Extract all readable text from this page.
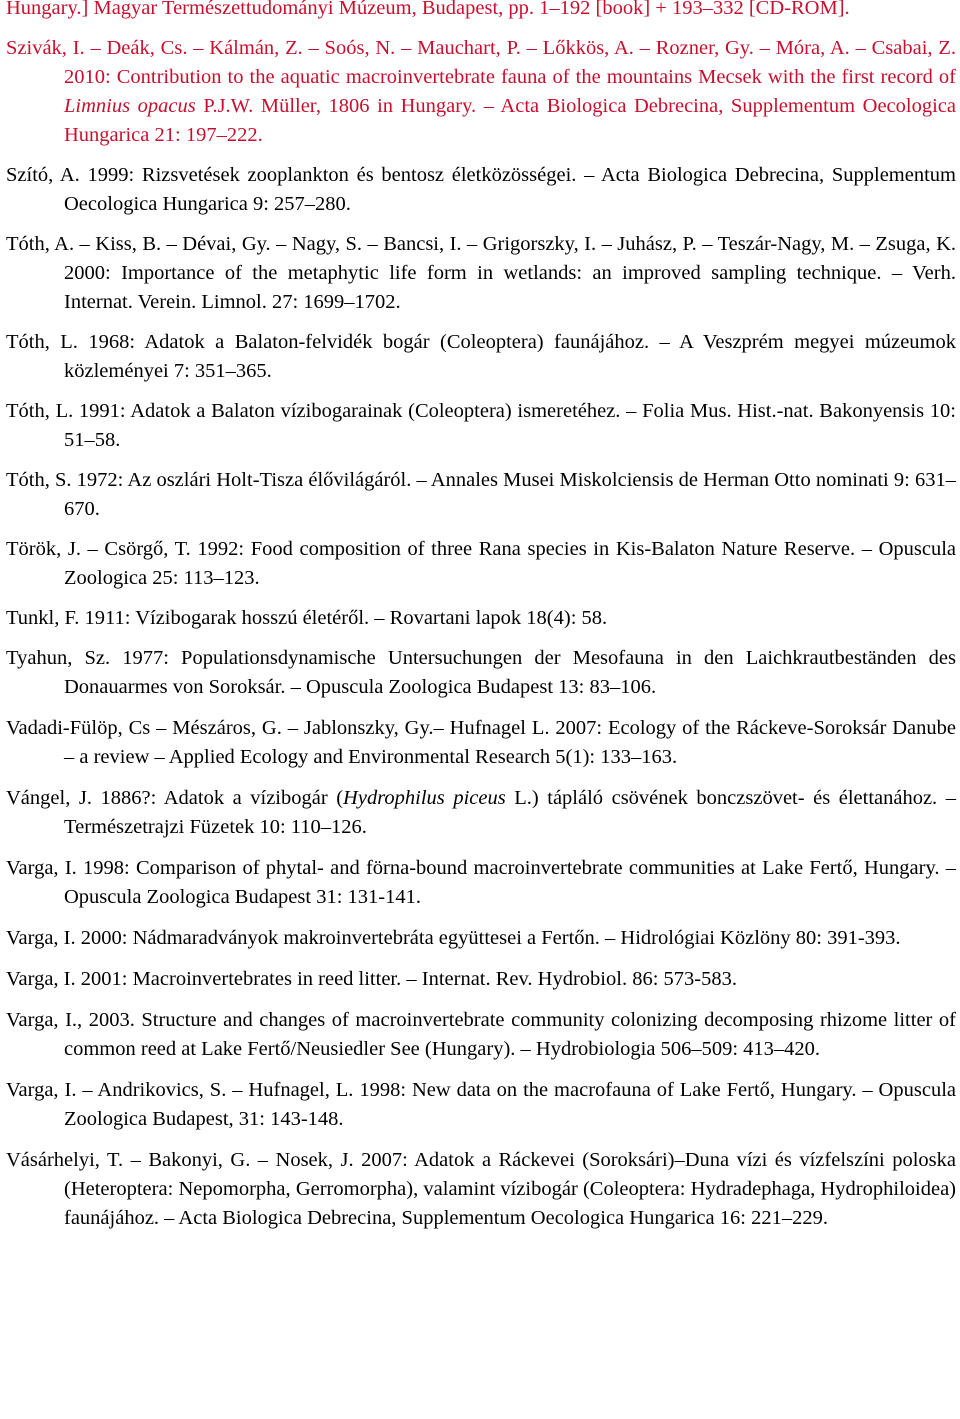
Hungary.] Magyar Természettudományi Múzeum, Budapest, pp. 1–192 [book] + 193–332 [CD-ROM].

Szivák, I. – Deák, Cs. – Kálmán, Z. – Soós, N. – Mauchart, P. – Lőkkös, A. – Rozner, Gy. – Móra, A. – Csabai, Z. 2010: Contribution to the aquatic macroinvertebrate fauna of the mountains Mecsek with the first record of Limnius opacus P.J.W. Müller, 1806 in Hungary. – Acta Biologica Debrecina, Supplementum Oecologica Hungarica 21: 197–222.

Szító, A. 1999: Rizsvetések zooplankton és bentosz életközösségei. – Acta Biologica Debrecina, Supplementum Oecologica Hungarica 9: 257–280.

Tóth, A. – Kiss, B. – Dévai, Gy. – Nagy, S. – Bancsi, I. – Grigorszky, I. – Juhász, P. – Teszár-Nagy, M. – Zsuga, K. 2000: Importance of the metaphytic life form in wetlands: an improved sampling technique. – Verh. Internat. Verein. Limnol. 27: 1699–1702.

Tóth, L. 1968: Adatok a Balaton-felvidék bogár (Coleoptera) faunájához. – A Veszprém megyei múzeumok közleményei 7: 351–365.

Tóth, L. 1991: Adatok a Balaton vízibogarainak (Coleoptera) ismeretéhez. – Folia Mus. Hist.-nat. Bakonyensis 10: 51–58.

Tóth, S. 1972: Az oszlári Holt-Tisza élővilágáról. – Annales Musei Miskolciensis de Herman Otto nominati 9: 631–670.

Török, J. – Csörgő, T. 1992: Food composition of three Rana species in Kis-Balaton Nature Reserve. – Opuscula Zoologica 25: 113–123.

Tunkl, F. 1911: Vízibogarak hosszú életéről. – Rovartani lapok 18(4): 58.

Tyahun, Sz. 1977: Populationsdynamische Untersuchungen der Mesofauna in den Laichkrautbeständen des Donauarmes von Soroksár. – Opuscula Zoologica Budapest 13: 83–106.

Vadadi-Fülöp, Cs – Mészáros, G. – Jablonszky, Gy.– Hufnagel L. 2007: Ecology of the Ráckeve-Soroksár Danube – a review – Applied Ecology and Environmental Research 5(1): 133–163.

Vángel, J. 1886?: Adatok a vízibogár (Hydrophilus piceus L.) tápláló csövének bonczszövet- és élettanához. – Természetrajzi Füzetek 10: 110–126.

Varga, I. 1998: Comparison of phytal- and förna-bound macroinvertebrate communities at Lake Fertő, Hungary. – Opuscula Zoologica Budapest 31: 131-141.

Varga, I. 2000: Nádmaradványok makroinvertebráta együttesei a Fertőn. – Hidrológiai Közlöny 80: 391-393.

Varga, I. 2001: Macroinvertebrates in reed litter. – Internat. Rev. Hydrobiol. 86: 573-583.

Varga, I., 2003. Structure and changes of macroinvertebrate community colonizing decomposing rhizome litter of common reed at Lake Fertő/Neusiedler See (Hungary). – Hydrobiologia 506–509: 413–420.

Varga, I. – Andrikovics, S. – Hufnagel, L. 1998: New data on the macrofauna of Lake Fertő, Hungary. – Opuscula Zoologica Budapest, 31: 143-148.

Vásárhelyi, T. – Bakonyi, G. – Nosek, J. 2007: Adatok a Ráckevei (Soroksári)–Duna vízi és vízfelszíni poloska (Heteroptera: Nepomorpha, Gerromorpha), valamint vízibogár (Coleoptera: Hydradephaga, Hydrophiloidea) faunájához. – Acta Biologica Debrecina, Supplementum Oecologica Hungarica 16: 221–229.
